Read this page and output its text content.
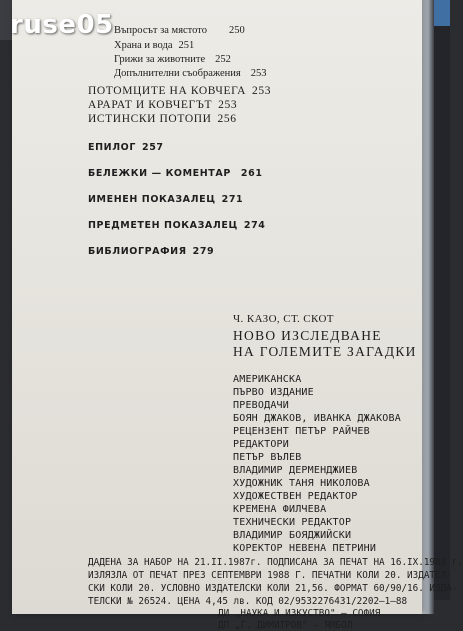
Въпросът за мястото 250
Храна и вода 251
Грижи за животните 252
Допълнителни съображения 253
ПОТОМЦИТЕ НА КОВЧЕГА 253
АРАРАТ И КОВЧЕГЪТ 253
ИСТИНСКИ ПОТОПИ 256
ЕПИЛОГ 257
БЕЛЕЖКИ — КОМЕНТАР 261
ИМЕНЕН ПОКАЗАЛЕЦ 271
ПРЕДМЕТЕН ПОКАЗАЛЕЦ 274
БИБЛИОГРАФИЯ 279
Ч. КАЗО, СТ. СКОТ
НОВО ИЗСЛЕДВАНЕ
НА ГОЛЕМИТЕ ЗАГАДКИ
АМЕРИКАНСКА
ПЪРВО ИЗДАНИЕ
ПРЕВОДАЧИ
БОЯН ДЖАКОВ, ИВАНКА ДЖАКОВА
РЕЦЕНЗЕНТ ПЕТЪР РАЙЧЕВ
РЕДАКТОРИ
ПЕТЪР ВЪЛЕВ
ВЛАДИМИР ДЕРМЕНДЖИЕВ
ХУДОЖНИК ТАНЯ НИКОЛОВА
ХУДОЖЕСТВЕН РЕДАКТОР
КРЕМЕНА ФИЛЧЕВА
ТЕХНИЧЕСКИ РЕДАКТОР
ВЛАДИМИР БОЯДЖИЙСКИ
КОРЕКТОР НЕВЕНА ПЕТРИНИ
ДАДЕНА ЗА НАБОР НА 21.II.1987г. ПОДПИСАНА ЗА ПЕЧАТ НА 16.IX.1988 г.
ИЗЛЯЗЛА ОТ ПЕЧАТ ПРЕЗ СЕПТЕМВРИ 1988 Г. ПЕЧАТНИ КОЛИ 20. ИЗДАТЕЛ-
СКИ КОЛИ 20. УСЛОВНО ИЗДАТЕЛСКИ КОЛИ 21,56. ФОРМАТ 60/90/16. ИЗДА-
ТЕЛСКИ № 26524. ЦЕНА 4,45 лв. КОД 02/9532276431/2202—1—88
ДИ „НАУКА И ИЗКУСТВО" — СОФИЯ
ДП „Г. ДИМИТРОВ" — ЯМБОЛ
ruse05
